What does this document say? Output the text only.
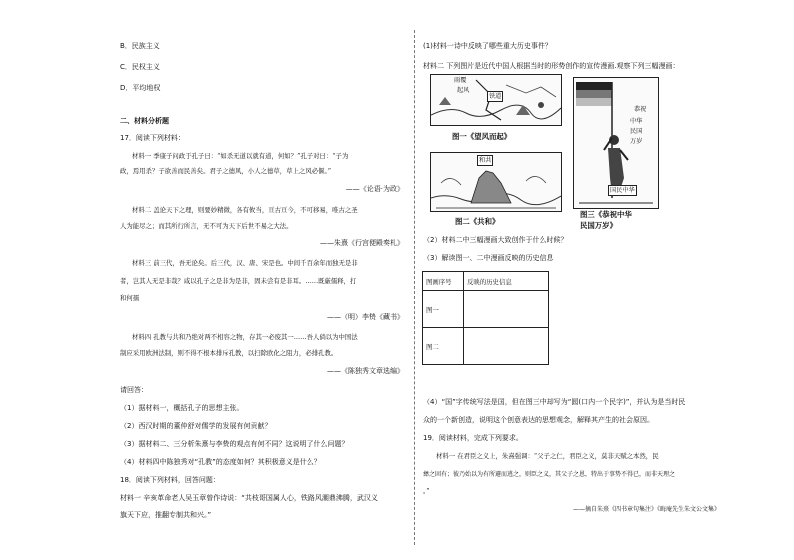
B．民族主义
C．民权主义
D．平均地权
二、材料分析题
17．阅读下列材料：
材料一 季康子问政于孔子曰：“如杀无道以就有道，何如？”孔子对曰：“子为
政，焉用杀？子欲善而民善矣。君子之德风，小人之德草，草上之风必偃。”
——《论语·为政》
材料二 盖论天下之理，则要妙精微，各有攸当，亘古亘今，不可移易，唯古之圣
人为能尽之；而其所行所言，无不可为天下后世不易之大法。
——朱熹《行宫便殿奏札》
材料三 前三代，吾无论矣。后三代，汉、唐、宋是也。中间千百余年而独无是非
者，岂其人无是非哉？咸以孔子之是非为是非，固未尝有是非耳。……既厳儒释，打
和何孺
——（明）李贽《藏书》
材料四 孔教与共和乃绝对两不相容之物，存其一必废其一……吾人倘以为中国法
制应采用欧洲法制，则不得不根本排斥孔教，以扫除欧化之阻力，必排孔教。
——《陈独秀文章选编》
请回答：
（1）据材料一，概括孔子的思想主张。
（2）西汉时期的董仲舒对儒学的发展有何贡献？
（3）据材料二、三分析朱熹与李贽的观点有何不同？这说明了什么问题？
（4）材料四中陈独秀对“孔教”的态度如何？其积极意义是什么？
18．阅读下列材料，回答问题：
材料一 辛亥革命老人吴玉章曾作诗说：“共枝哥国属人心，铁路风潮鼎沸腾，武汉义
旗天下应，推翻专制共和兴。”
(1)材料一诗中反映了哪些重大历史事件？
材料二 下列图片是近代中国人根据当时的形势创作的宣传漫画.观察下列三幅漫画：
雨覆
起风
铁道
图一《望风而起》
和共
图二《共和》
恭祝
中华
民国
万岁
国民中华
图三《恭祝中华
民国万岁》
（2）材料二中三幅漫画大致创作于什么时候？
（3）解读图一、二中漫画反映的历史信息
图画序号	反映的历史信息
图一	
图二	
（4）“国”字传统写法是囯，但在图三中却写为“囻(口内一个民字)”，并认为是当时民
众的一个新创造，说明这个创意表达的思想观念，解释其产生的社会原因。
19．阅读材料，完成下列要求。
材料一 在君臣之义上，朱熹强调：“父子之仁，君臣之义，莫非天赋之本然，民
彝之固有；彼乃始以为有所避而逃之，则臣之义，其父子之恩，特出于事势不得已，而非天理之
。”
——摘自朱熹《四书章句集注》《晦庵先生朱文公文集》
